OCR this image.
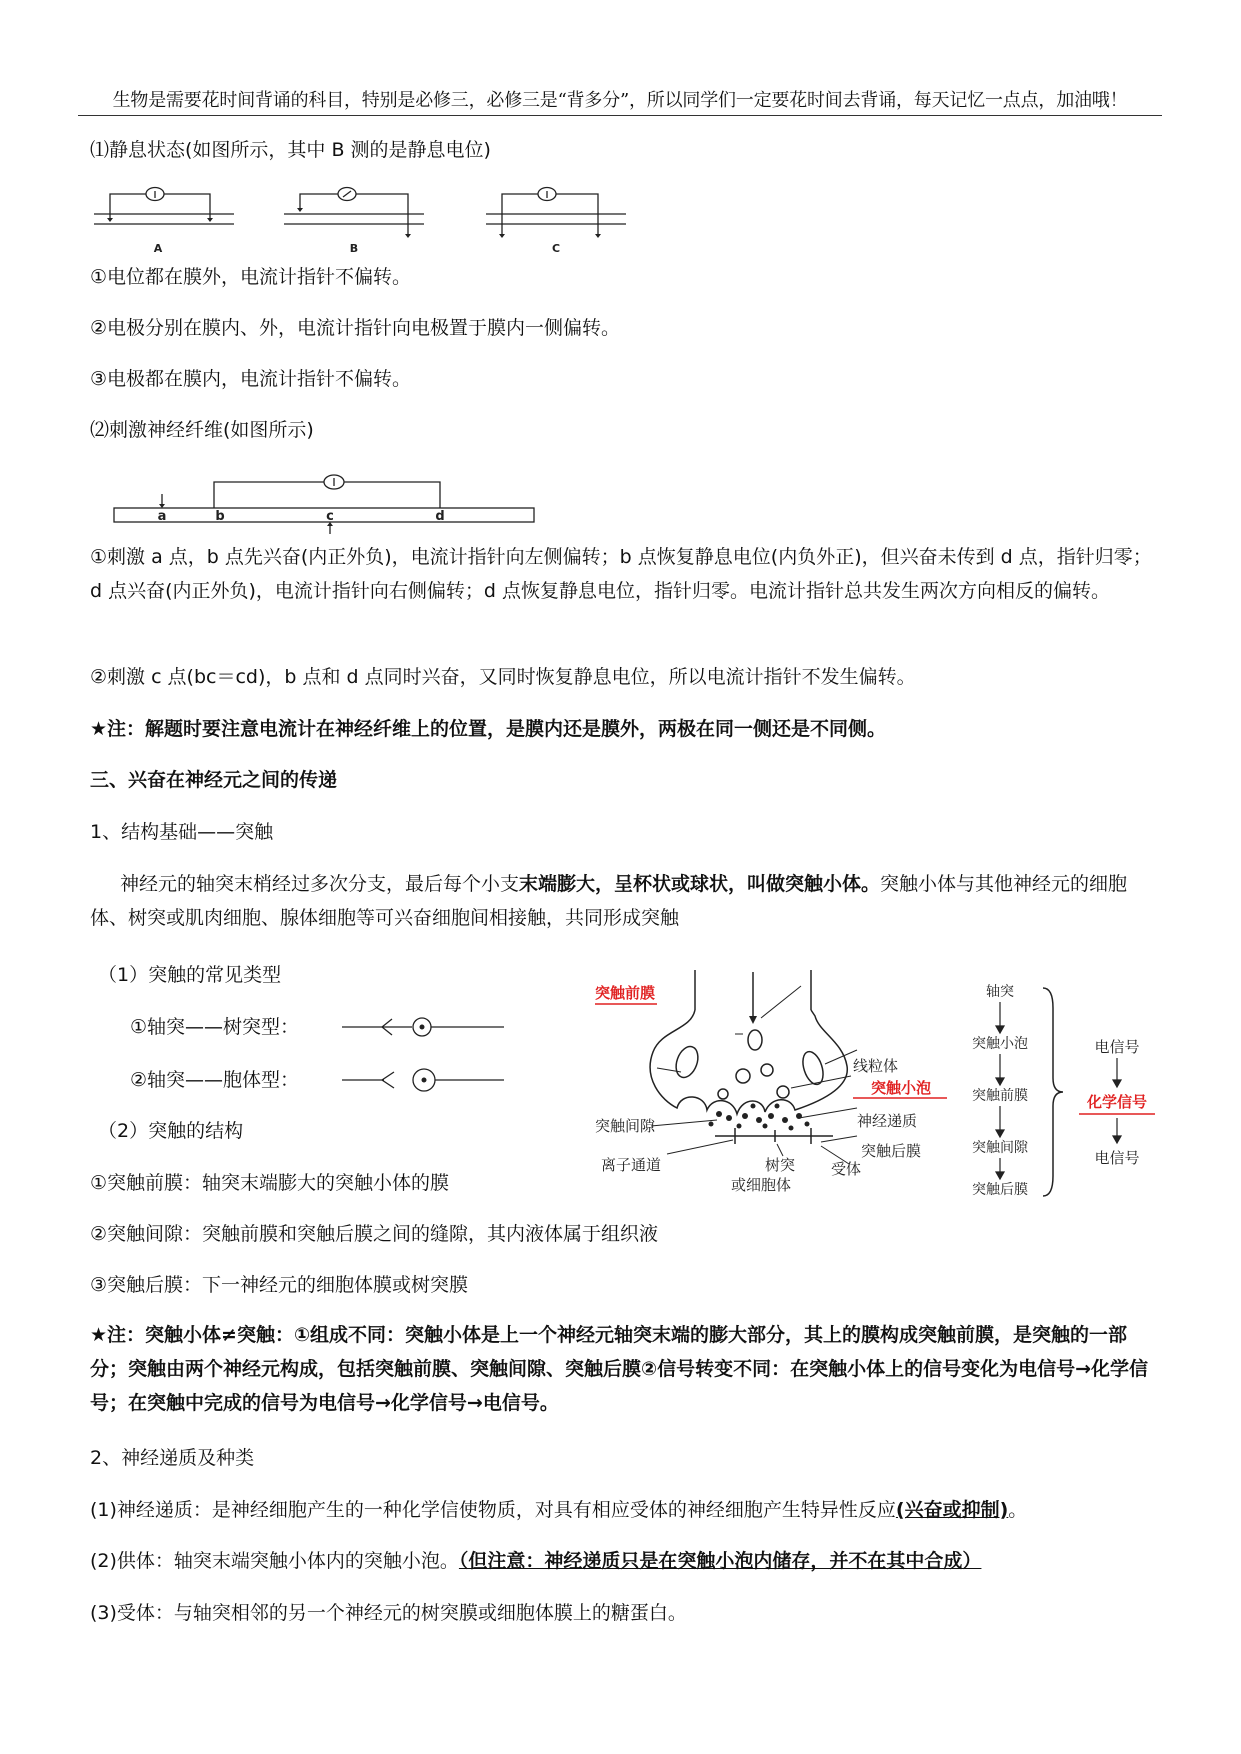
生物是需要花时间背诵的科目，特别是必修三，必修三是“背多分”，所以同学们一定要花时间去背诵，每天记忆一点点，加油哦！
⑴静息状态(如图所示，其中 B 测的是静息电位)
A	B	C
①电位都在膜外，电流计指针不偏转。
②电极分别在膜内、外，电流计指针向电极置于膜内一侧偏转。
③电极都在膜内，电流计指针不偏转。
⑵刺激神经纤维(如图所示)
a	b	c	d
①刺激 a 点，b 点先兴奋(内正外负)，电流计指针向左侧偏转；b 点恢复静息电位(内负外正)，但兴奋未传到 d 点，指针归零；d 点兴奋(内正外负)，电流计指针向右侧偏转；d 点恢复静息电位，指针归零。电流计指针总共发生两次方向相反的偏转。
②刺激 c 点(bc＝cd)，b 点和 d 点同时兴奋，又同时恢复静息电位，所以电流计指针不发生偏转。
★注：解题时要注意电流计在神经纤维上的位置，是膜内还是膜外，两极在同一侧还是不同侧。
三、兴奋在神经元之间的传递
1、结构基础——突触
神经元的轴突末梢经过多次分支，最后每个小支末端膨大，呈杯状或球状，叫做突触小体。突触小体与其他神经元的细胞体、树突或肌肉细胞、腺体细胞等可兴奋细胞间相接触，共同形成突触
（1）突触的常见类型
①轴突——树突型：
②轴突——胞体型：
（2）突触的结构
①突触前膜：轴突末端膨大的突触小体的膜
②突触间隙：突触前膜和突触后膜之间的缝隙，其内液体属于组织液
③突触后膜：下一神经元的细胞体膜或树突膜
突触前膜
线粒体
突触小泡
突触间隙	神经递质
突触后膜
离子通道	树突
或细胞体
受体
轴突
突触小泡
突触前膜
突触间隙
突触后膜
电信号
化学信号
电信号
★注：突触小体≠突触：①组成不同：突触小体是上一个神经元轴突末端的膨大部分，其上的膜构成突触前膜，是突触的一部分；突触由两个神经元构成，包括突触前膜、突触间隙、突触后膜②信号转变不同：在突触小体上的信号变化为电信号→化学信号；在突触中完成的信号为电信号→化学信号→电信号。
2、神经递质及种类
(1)神经递质：是神经细胞产生的一种化学信使物质，对具有相应受体的神经细胞产生特异性反应(兴奋或抑制)。
(2)供体：轴突末端突触小体内的突触小泡。（但注意：神经递质只是在突触小泡内储存，并不在其中合成）
(3)受体：与轴突相邻的另一个神经元的树突膜或细胞体膜上的糖蛋白。
